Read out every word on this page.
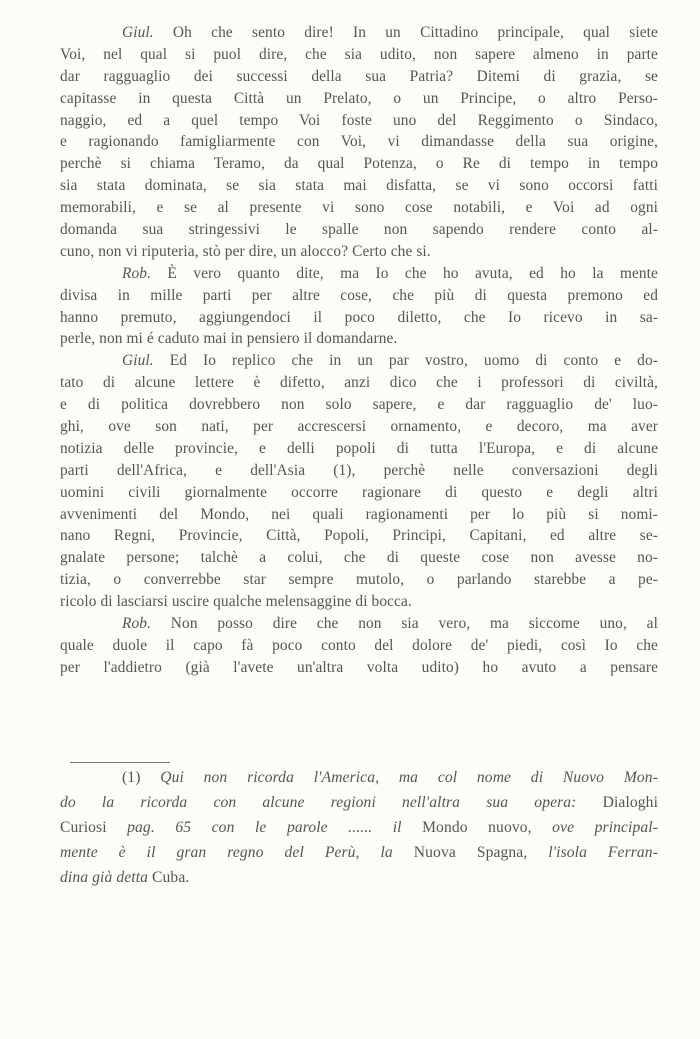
Giul. Oh che sento dire! In un Cittadino principale, qual siete
Voi, nel qual si puol dire, che sia udito, non sapere almeno in parte
dar ragguaglio dei successi della sua Patria? Ditemi di grazia, se
capitasse in questa Città un Prelato, o un Principe, o altro Perso-
naggio, ed a quel tempo Voi foste uno del Reggimento o Sindaco,
e ragionando famigliarmente con Voi, vi dimandasse della sua origine,
perchè si chiama Teramo, da qual Potenza, o Re di tempo in tempo
sia stata dominata, se sia stata mai disfatta, se vi sono occorsi fatti
memorabili, e se al presente vi sono cose notabili, e Voi ad ogni
domanda sua stringessivi le spalle non sapendo rendere conto al-
cuno, non vi riputeria, stò per dire, un alocco? Certo che si.
Rob. È vero quanto dite, ma Io che ho avuta, ed ho la mente
divisa in mille parti per altre cose, che più di questa premono ed
hanno premuto, aggiungendoci il poco diletto, che Io ricevo in sa-
perle, non mi é caduto mai in pensiero il domandarne.
Giul. Ed Io replico che in un par vostro, uomo di conto e do-
tato di alcune lettere è difetto, anzi dico che i professori di civiltà,
e di politica dovrebbero non solo sapere, e dar ragguaglio de' luo-
ghi, ove son nati, per accrescersi ornamento, e decoro, ma aver
notizia delle provincie, e delli popoli di tutta l'Europa, e di alcune
parti dell'Africa, e dell'Asia (1), perchè nelle conversazioni degli
uomini civili giornalmente occorre ragionare di questo e degli altri
avvenimenti del Mondo, nei quali ragionamenti per lo più si nomi-
nano Regni, Provincie, Città, Popoli, Principi, Capitani, ed altre se-
gnalate persone; talchè a colui, che di queste cose non avesse no-
tizia, o converrebbe star sempre mutolo, o parlando starebbe a pe-
ricolo di lasciarsi uscire qualche melensaggine di bocca.
Rob. Non posso dire che non sia vero, ma siccome uno, al
quale duole il capo fà poco conto del dolore de' piedi, così Io che
per l'addietro (già l'avete un'altra volta udito) ho avuto a pensare
(1) Qui non ricorda l'America, ma col nome di Nuovo Mon-
do la ricorda con alcune regioni nell'altra sua opera: Dialoghi
Curiosi pag. 65 con le parole ...... il Mondo nuovo, ove principal-
mente è il gran regno del Perù, la Nuova Spagna, l'isola Ferran-
dina già detta Cuba.
